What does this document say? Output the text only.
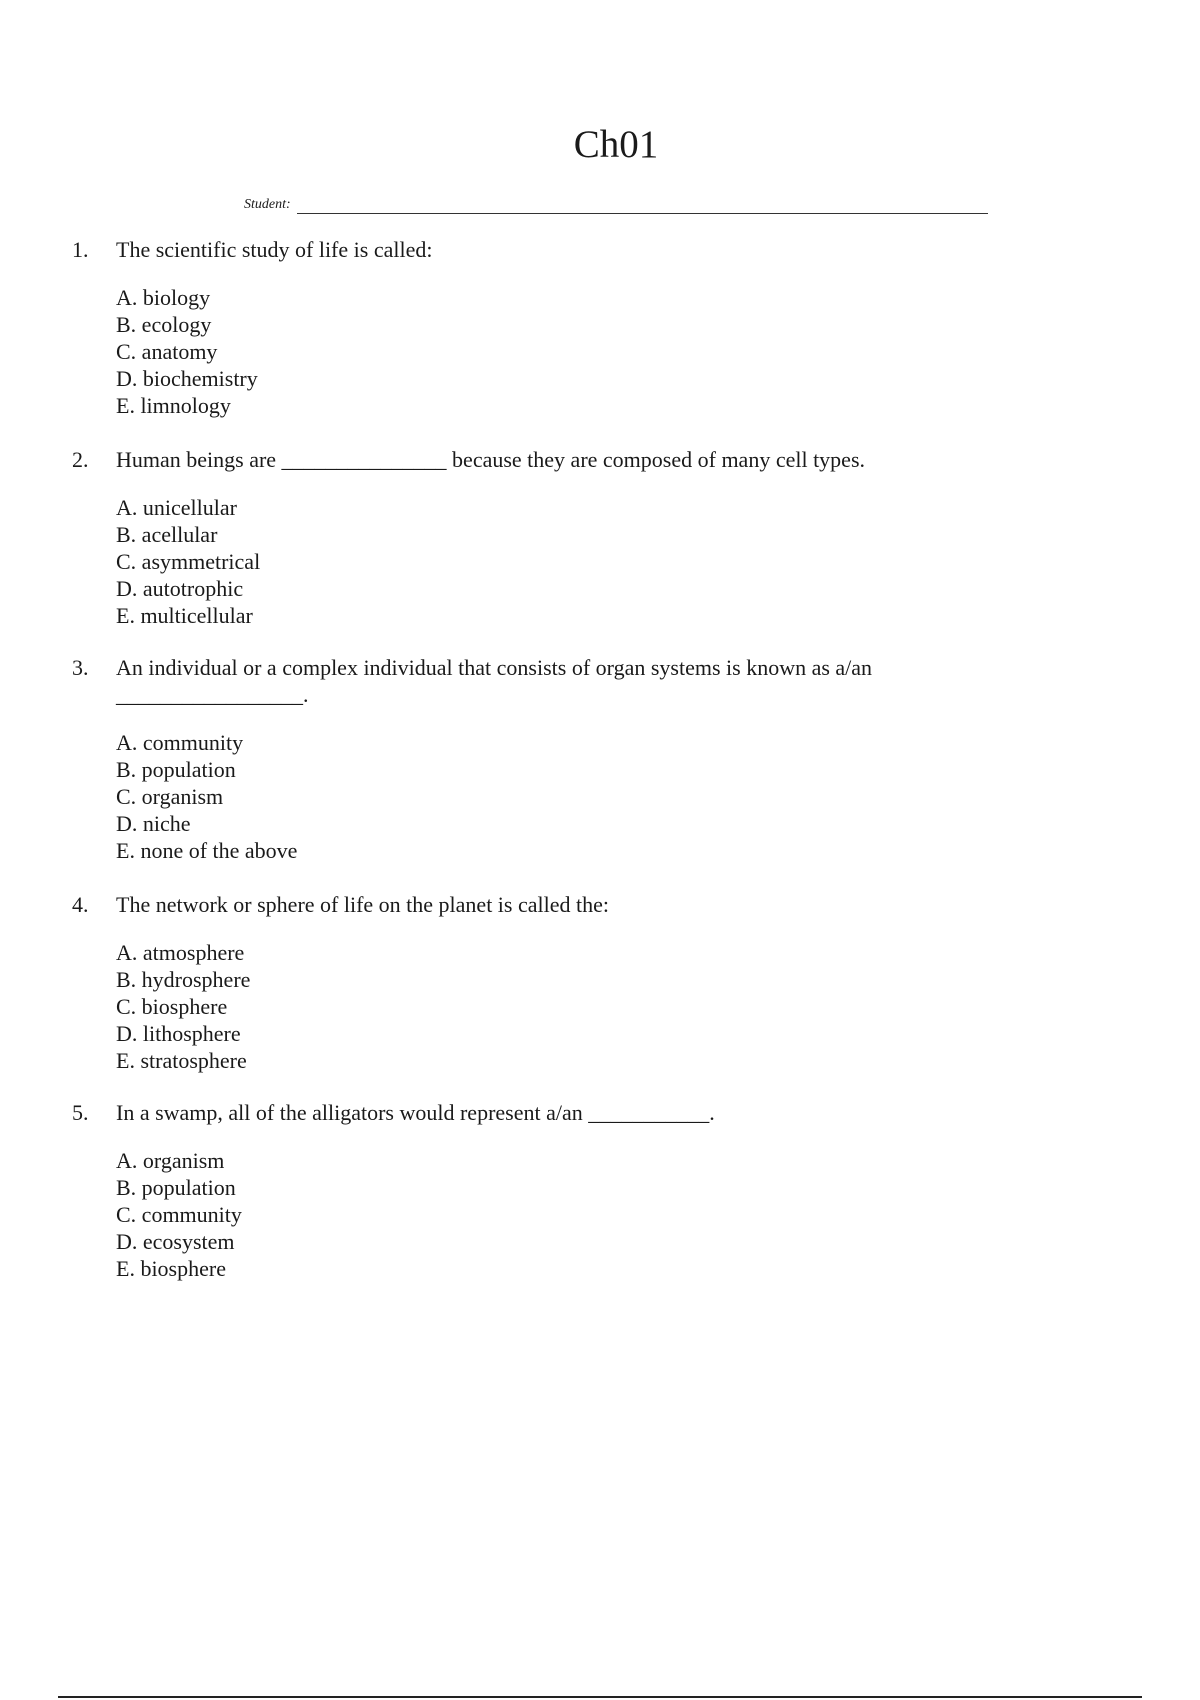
Ch01
Student:
1.	The scientific study of life is called:
A. biology
B. ecology
C. anatomy
D. biochemistry
E. limnology
2.	Human beings are _______________ because they are composed of many cell types.
A. unicellular
B. acellular
C. asymmetrical
D. autotrophic
E. multicellular
3.	An individual or a complex individual that consists of organ systems is known as a/an
_________________.
A. community
B. population
C. organism
D. niche
E. none of the above
4.	The network or sphere of life on the planet is called the:
A. atmosphere
B. hydrosphere
C. biosphere
D. lithosphere
E. stratosphere
5.	In a swamp, all of the alligators would represent a/an ___________.
A. organism
B. population
C. community
D. ecosystem
E. biosphere
